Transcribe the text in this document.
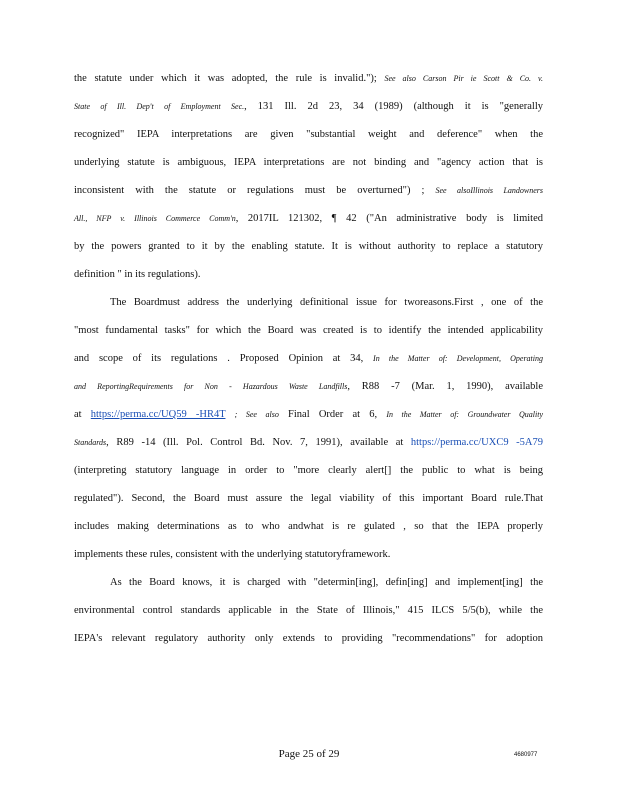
the statute under which it was adopted, the rule is invalid."); See also Carson Pir ie Scott & Co. v.
State of Ill. Dep't of Employment Sec., 131 Ill. 2d 23, 34 (1989) (although it is "generally
recognized" IEPA interpretations are given "substantial weight and deference" when the
underlying statute is ambiguous, IEPA interpretations are not binding and "agency action that is
inconsistent with the statute or regulations must be overturned") ; See alsoIllinois Landowners
All., NFP v. Illinois Commerce Comm'n, 2017IL 121302, ¶ 42 ("An administrative body is limited
by the powers granted to it by the enabling statute. It is without authority to replace a statutory
definition " in its regulations).
The Boardmust address the underlying definitional issue for tworeasons.First , one of the
"most fundamental tasks" for which the Board was created is to identify the intended applicability
and scope of its regulations . Proposed Opinion at 34, In the Matter of: Development, Operating
and ReportingRequirements for Non - Hazardous Waste Landfills, R88 -7 (Mar. 1, 1990), available
at https://perma.cc/UQ59 -HR4T ; See also Final Order at 6, In the Matter of: Groundwater Quality
Standards, R89 -14 (Ill. Pol. Control Bd. Nov. 7, 1991), available at https://perma.cc/UXC9 -5A79
(interpreting statutory language in order to "more clearly alert[] the public to what is being
regulated"). Second, the Board must assure the legal viability of this important Board rule.That
includes making determinations as to who andwhat is re gulated , so that the IEPA properly
implements these rules, consistent with the underlying statutoryframework.
As the Board knows, it is charged with "determin[ing], defin[ing] and implement[ing] the
environmental control standards applicable in the State of Illinois," 415 ILCS 5/5(b), while the
IEPA's relevant regulatory authority only extends to providing "recommendations" for adoption
Page 25 of 29	4680977
